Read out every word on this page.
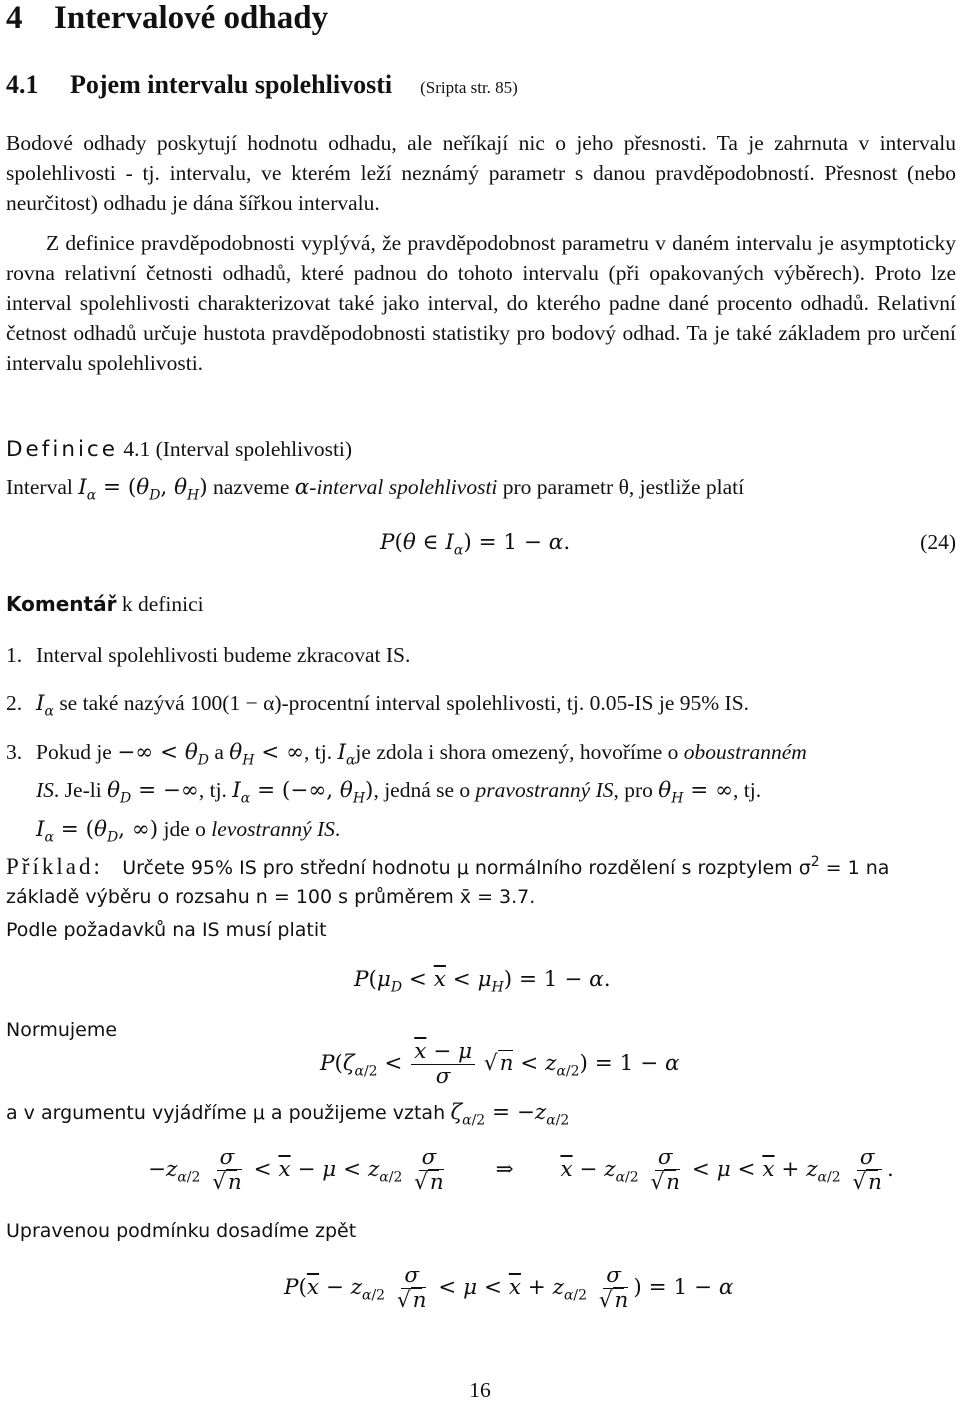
4 Intervalové odhady
4.1 Pojem intervalu spolehlivosti (Sripta str. 85)
Bodové odhady poskytují hodnotu odhadu, ale neříkají nic o jeho přesnosti. Ta je zahrnuta v intervalu spolehlivosti - tj. intervalu, ve kterém leží neznámý parametr s danou pravděpodobností. Přesnost (nebo neurčitost) odhadu je dána šířkou intervalu.
Z definice pravděpodobnosti vyplývá, že pravděpodobnost parametru v daném intervalu je asymptoticky rovna relativní četnosti odhadů, které padnou do tohoto intervalu (při opakovaných výběrech). Proto lze interval spolehlivosti charakterizovat také jako interval, do kterého padne dané procento odhadů. Relativní četnost odhadů určuje hustota pravděpodobnosti statistiky pro bodový odhad. Ta je také základem pro určení intervalu spolehlivosti.
Definice 4.1 (Interval spolehlivosti)
Interval $I_\alpha = (\theta_D$, $\theta_H$) nazveme α-interval spolehlivosti pro parametr θ, jestliže platí
P(θ ∈ $I_\alpha) = 1 - \alpha$.	(24)
Komentář k definici
1. Interval spolehlivosti budeme zkracovat IS.
2. $I_\alpha$ se také nazývá 100(1 − α)-procentní interval spolehlivosti, tj. 0.05-IS je 95% IS.
3. Pokud je −∞ < $\theta_D$ a $\theta_H$ < ∞, tj. $I_\alpha je$ zdola i shora omezený, hovoříme o oboustranném
IS. Je-li $\theta_D$ = −∞, tj. $I_\alpha$ = (−∞, $\theta_H$), jedná se o pravostranný IS, pro $\theta_H$ = ∞, tj.
$I_\alpha = (\theta_D$, ∞) jde o levostranný IS.
Příklad: Určete 95% IS pro střední hodnotu μ normálního rozdělení s rozptylem $\sigma^2 = 1$ na
základě výběru o rozsahu n = 100 s průměrem x̄ = 3.7.
Podle požadavků na IS musí platit
$P(\mu_D < \overline{x} < \mu_H) = 1 - \alpha$.
Normujeme
$P(\zeta_{\alpha/2} < \frac{\overline{x} - \mu}{\sigma} √n < z_{\alpha/2}) = 1 - \alpha$
a v argumentu vyjádříme μ a použijeme vztah $\zeta_{\alpha/2} = -z_{\alpha/2}$
$-z_{\alpha/2} \frac{\sigma}{√n} < \overline{x} - \mu < z_{\alpha/2} \frac{\sigma}{√n}$ ⇒ $\overline{x} - z_{\alpha/2} \frac{\sigma}{√n} < \mu < \overline{x} + z_{\alpha/2} \frac{\sigma}{√n}$ .
Upravenou podmínku dosadíme zpět
$P(\overline{x} - z_{\alpha/2} \frac{\sigma}{√n} < \mu < \overline{x} + z_{\alpha/2} \frac{\sigma}{√n}$ ) = 1 − α
16
